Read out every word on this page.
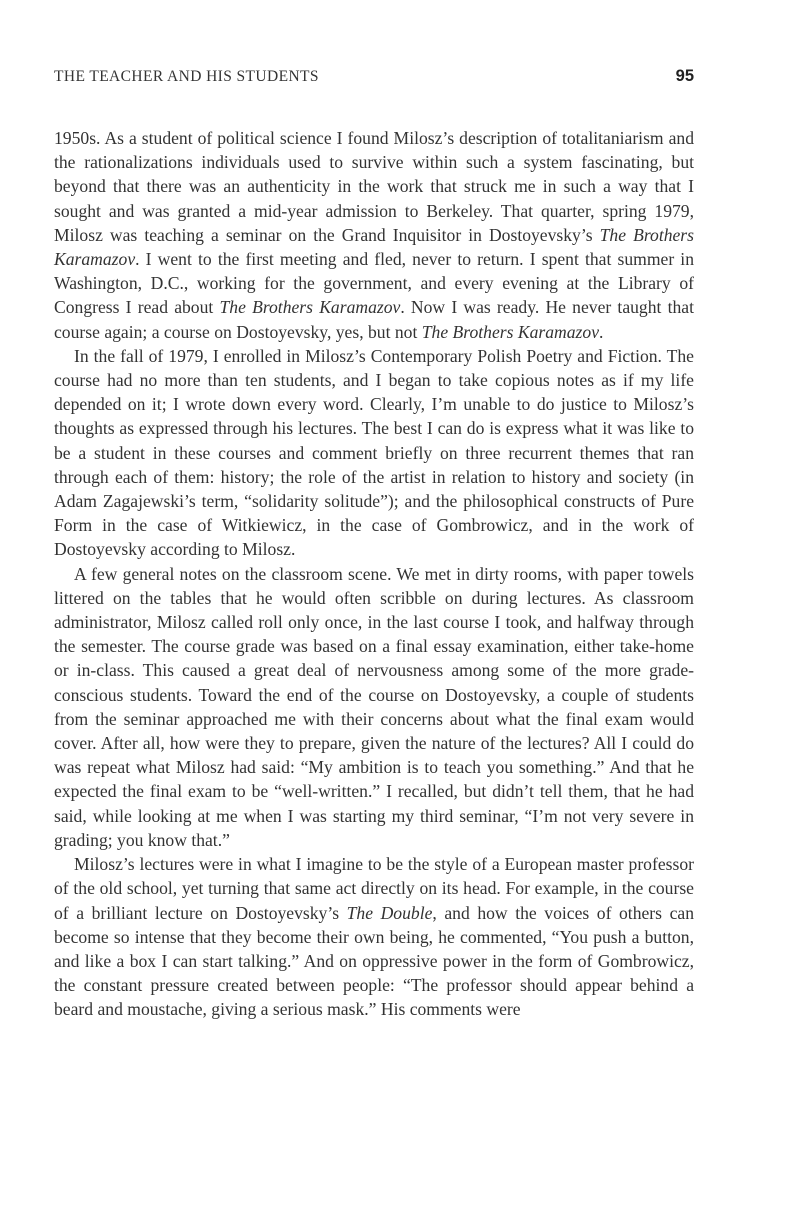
THE TEACHER AND HIS STUDENTS	95

1950s. As a student of political science I found Milosz’s description of totalitaniarism and the rationalizations individuals used to survive within such a system fascinating, but beyond that there was an authenticity in the work that struck me in such a way that I sought and was granted a mid-year admission to Berkeley. That quarter, spring 1979, Milosz was teaching a seminar on the Grand Inquisitor in Dostoyevsky’s The Brothers Karamazov. I went to the first meeting and fled, never to return. I spent that summer in Washington, D.C., working for the government, and every evening at the Library of Congress I read about The Brothers Karamazov. Now I was ready. He never taught that course again; a course on Dostoyevsky, yes, but not The Brothers Karamazov.

In the fall of 1979, I enrolled in Milosz’s Contemporary Polish Poetry and Fiction. The course had no more than ten students, and I began to take copious notes as if my life depended on it; I wrote down every word. Clearly, I’m unable to do justice to Milosz’s thoughts as expressed through his lectures. The best I can do is express what it was like to be a student in these courses and comment briefly on three recurrent themes that ran through each of them: history; the role of the artist in relation to history and society (in Adam Zagajewski’s term, “solidarity solitude”); and the philosophical constructs of Pure Form in the case of Witkiewicz, in the case of Gombrowicz, and in the work of Dostoyevsky according to Milosz.

A few general notes on the classroom scene. We met in dirty rooms, with paper towels littered on the tables that he would often scribble on during lectures. As classroom administrator, Milosz called roll only once, in the last course I took, and halfway through the semester. The course grade was based on a final essay examination, either take-home or in-class. This caused a great deal of nervousness among some of the more grade-conscious students. Toward the end of the course on Dostoyevsky, a couple of students from the seminar approached me with their concerns about what the final exam would cover. After all, how were they to prepare, given the nature of the lectures? All I could do was repeat what Milosz had said: “My ambition is to teach you something.” And that he expected the final exam to be “well-written.” I recalled, but didn’t tell them, that he had said, while looking at me when I was starting my third seminar, “I’m not very severe in grading; you know that.”

Milosz’s lectures were in what I imagine to be the style of a European master professor of the old school, yet turning that same act directly on its head. For example, in the course of a brilliant lecture on Dostoyevsky’s The Double, and how the voices of others can become so intense that they become their own being, he commented, “You push a button, and like a box I can start talking.” And on oppressive power in the form of Gombrowicz, the constant pressure created between people: “The professor should appear behind a beard and moustache, giving a serious mask.” His comments were
